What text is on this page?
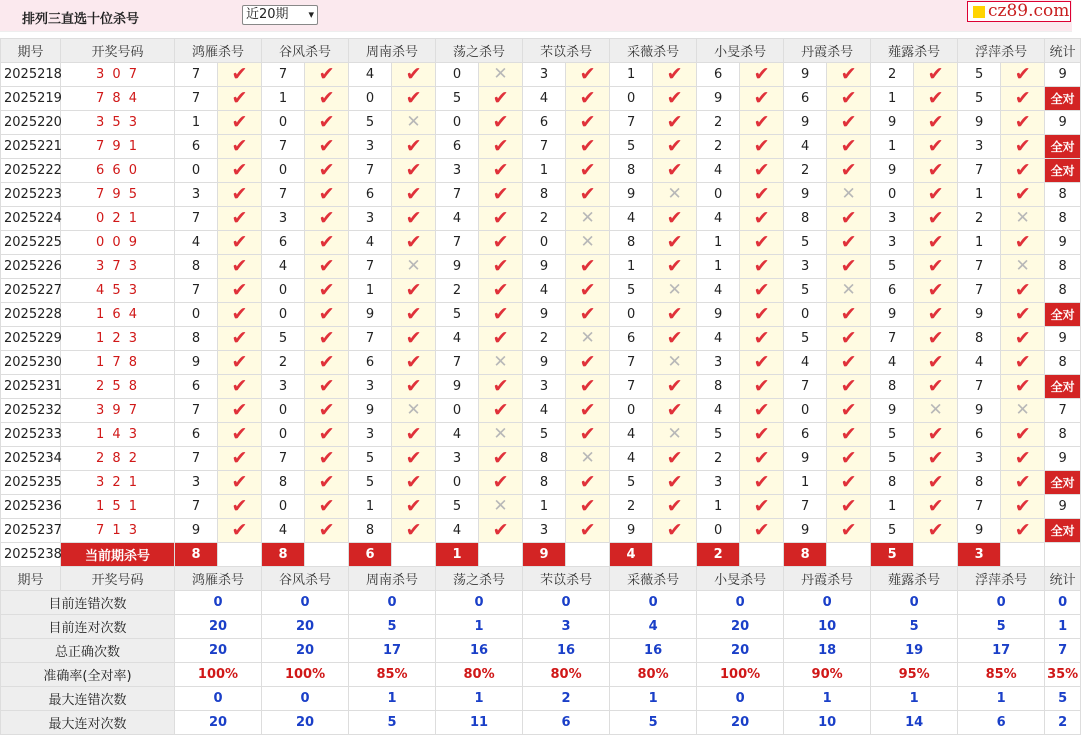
排列三直选十位杀号	近20期 ▾	cz89.com
期号	开奖号码	鸿雁杀号		谷风杀号		周南杀号		荡之杀号		芣苡杀号		采薇杀号		小旻杀号		丹霞杀号		薤露杀号		浮萍杀号		统计
2025218	3 0 7	7	✔	7	✔	4	✔	0	✕	3	✔	1	✔	6	✔	9	✔	2	✔	5	✔	9
2025219	7 8 4	7	✔	1	✔	0	✔	5	✔	4	✔	0	✔	9	✔	6	✔	1	✔	5	✔	全对
2025220	3 5 3	1	✔	0	✔	5	✕	0	✔	6	✔	7	✔	2	✔	9	✔	9	✔	9	✔	9
2025221	7 9 1	6	✔	7	✔	3	✔	6	✔	7	✔	5	✔	2	✔	4	✔	1	✔	3	✔	全对
2025222	6 6 0	0	✔	0	✔	7	✔	3	✔	1	✔	8	✔	4	✔	2	✔	9	✔	7	✔	全对
2025223	7 9 5	3	✔	7	✔	6	✔	7	✔	8	✔	9	✕	0	✔	9	✕	0	✔	1	✔	8
2025224	0 2 1	7	✔	3	✔	3	✔	4	✔	2	✕	4	✔	4	✔	8	✔	3	✔	2	✕	8
2025225	0 0 9	4	✔	6	✔	4	✔	7	✔	0	✕	8	✔	1	✔	5	✔	3	✔	1	✔	9
2025226	3 7 3	8	✔	4	✔	7	✕	9	✔	9	✔	1	✔	1	✔	3	✔	5	✔	7	✕	8
2025227	4 5 3	7	✔	0	✔	1	✔	2	✔	4	✔	5	✕	4	✔	5	✕	6	✔	7	✔	8
2025228	1 6 4	0	✔	0	✔	9	✔	5	✔	9	✔	0	✔	9	✔	0	✔	9	✔	9	✔	全对
2025229	1 2 3	8	✔	5	✔	7	✔	4	✔	2	✕	6	✔	4	✔	5	✔	7	✔	8	✔	9
2025230	1 7 8	9	✔	2	✔	6	✔	7	✕	9	✔	7	✕	3	✔	4	✔	4	✔	4	✔	8
2025231	2 5 8	6	✔	3	✔	3	✔	9	✔	3	✔	7	✔	8	✔	7	✔	8	✔	7	✔	全对
2025232	3 9 7	7	✔	0	✔	9	✕	0	✔	4	✔	0	✔	4	✔	0	✔	9	✕	9	✕	7
2025233	1 4 3	6	✔	0	✔	3	✔	4	✕	5	✔	4	✕	5	✔	6	✔	5	✔	6	✔	8
2025234	2 8 2	7	✔	7	✔	5	✔	3	✔	8	✕	4	✔	2	✔	9	✔	5	✔	3	✔	9
2025235	3 2 1	3	✔	8	✔	5	✔	0	✔	8	✔	5	✔	3	✔	1	✔	8	✔	8	✔	全对
2025236	1 5 1	7	✔	0	✔	1	✔	5	✕	1	✔	2	✔	1	✔	7	✔	1	✔	7	✔	9
2025237	7 1 3	9	✔	4	✔	8	✔	4	✔	3	✔	9	✔	0	✔	9	✔	5	✔	9	✔	全对
2025238	当前期杀号	8		8		6		1		9		4		2		8		5		3		
期号	开奖号码	鸿雁杀号		谷风杀号		周南杀号		荡之杀号		芣苡杀号		采薇杀号		小旻杀号		丹霞杀号		薤露杀号		浮萍杀号		统计
目前连错次数		0		0		0		0		0		0		0		0		0		0		0
目前连对次数		20		20		5		1		3		4		20		10		5		5		1
总正确次数		20		20		17		16		16		16		20		18		19		17		7
准确率(全对率)		100%		100%		85%		80%		80%		80%		100%		90%		95%		85%		35%
最大连错次数		0		0		1		1		2		1		0		1		1		1		5
最大连对次数		20		20		5		11		6		5		20		10		14		6		2
